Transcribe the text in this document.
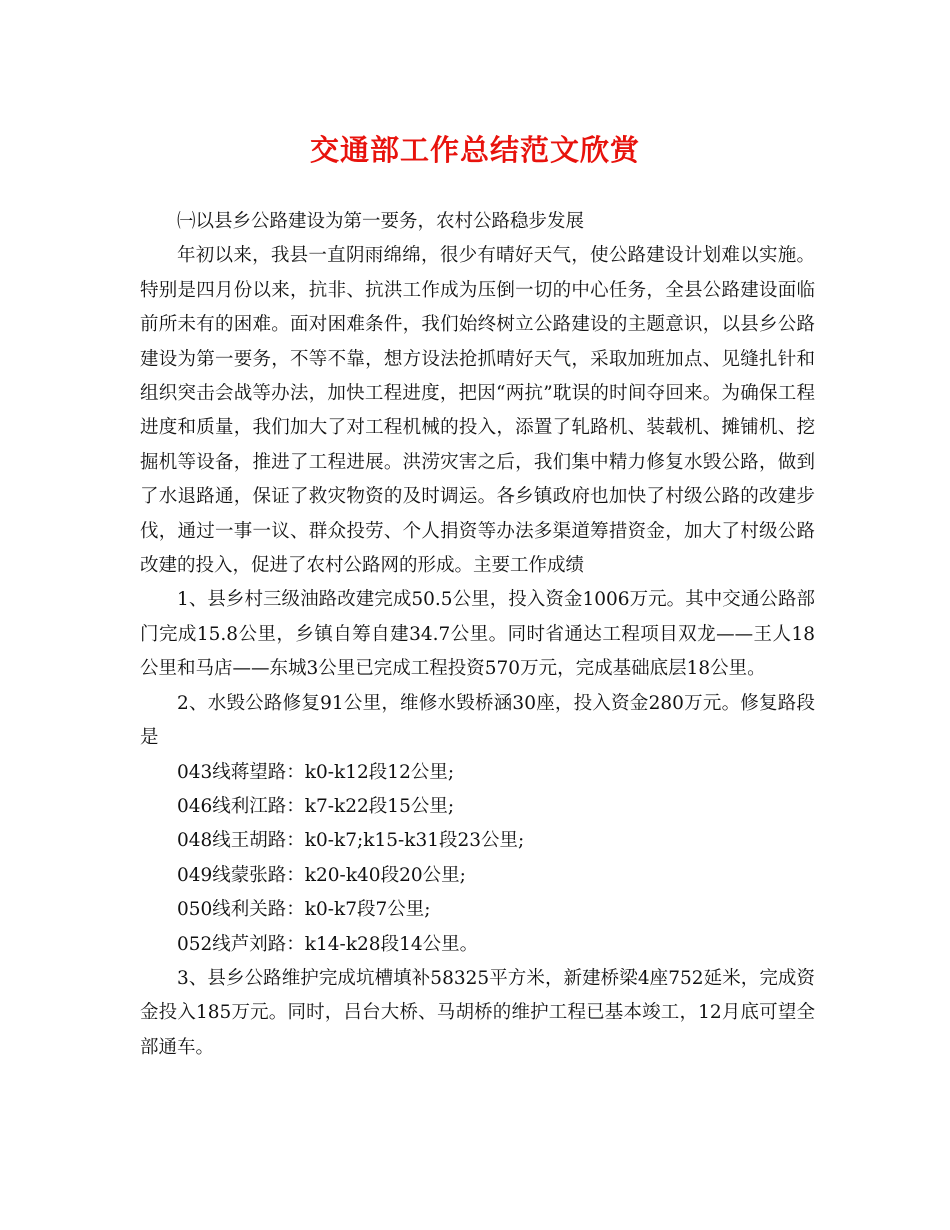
交通部工作总结范文欣赏

㈠以县乡公路建设为第一要务，农村公路稳步发展

年初以来，我县一直阴雨绵绵，很少有晴好天气，使公路建设计划难以实施。特别是四月份以来，抗非、抗洪工作成为压倒一切的中心任务，全县公路建设面临前所未有的困难。面对困难条件，我们始终树立公路建设的主题意识，以县乡公路建设为第一要务，不等不靠，想方设法抢抓晴好天气，采取加班加点、见缝扎针和组织突击会战等办法，加快工程进度，把因“两抗”耽误的时间夺回来。为确保工程进度和质量，我们加大了对工程机械的投入，添置了轧路机、装载机、摊铺机、挖掘机等设备，推进了工程进展。洪涝灾害之后，我们集中精力修复水毁公路，做到了水退路通，保证了救灾物资的及时调运。各乡镇政府也加快了村级公路的改建步伐，通过一事一议、群众投劳、个人捐资等办法多渠道筹措资金，加大了村级公路改建的投入，促进了农村公路网的形成。主要工作成绩

1、县乡村三级油路改建完成50.5公里，投入资金1006万元。其中交通公路部门完成15.8公里，乡镇自筹自建34.7公里。同时省通达工程项目双龙——王人18公里和马店——东城3公里已完成工程投资570万元，完成基础底层18公里。

2、水毁公路修复91公里，维修水毁桥涵30座，投入资金280万元。修复路段是

043线蒋望路：k0-k12段12公里;

046线利江路：k7-k22段15公里;

048线王胡路：k0-k7;k15-k31段23公里;

049线蒙张路：k20-k40段20公里;

050线利关路：k0-k7段7公里;

052线芦刘路：k14-k28段14公里。

3、县乡公路维护完成坑槽填补58325平方米，新建桥梁4座752延米，完成资金投入185万元。同时，吕台大桥、马胡桥的维护工程已基本竣工，12月底可望全部通车。
